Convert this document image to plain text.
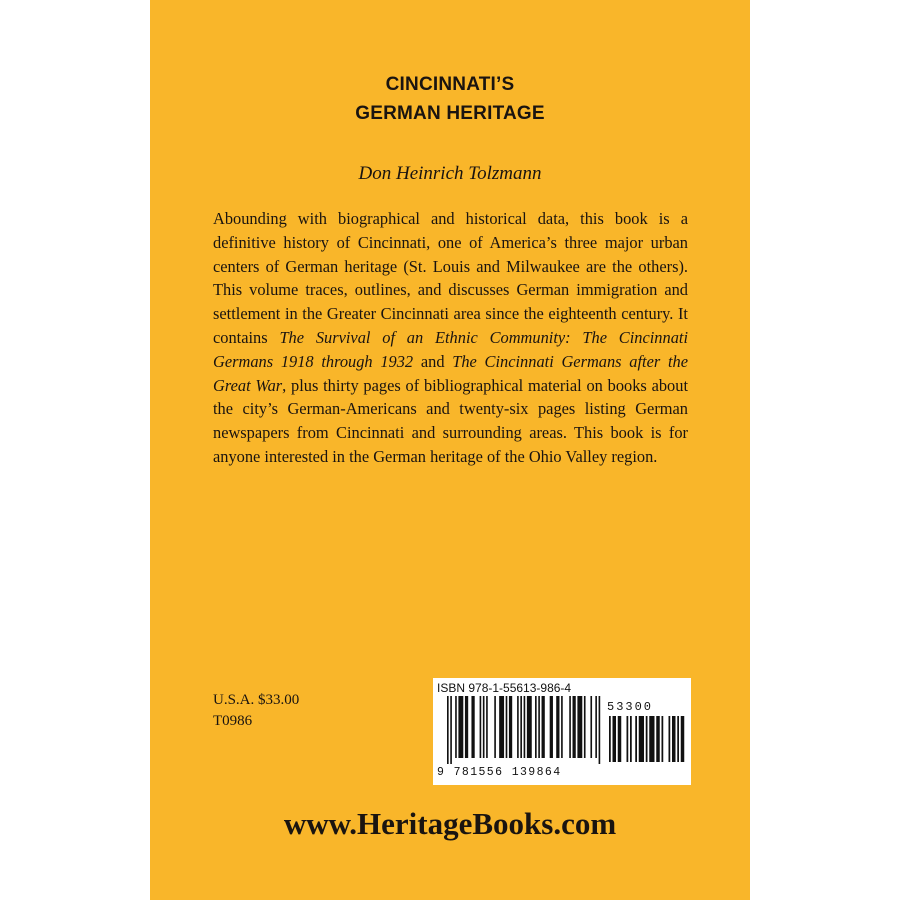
CINCINNATI’S
GERMAN HERITAGE
Don Heinrich Tolzmann
Abounding with biographical and historical data, this book is a definitive history of Cincinnati, one of America’s three major urban centers of German heritage (St. Louis and Milwaukee are the others). This volume traces, outlines, and discusses German immigration and settlement in the Greater Cincinnati area since the eighteenth century. It contains The Survival of an Ethnic Community: The Cincinnati Germans 1918 through 1932 and The Cincinnati Germans after the Great War, plus thirty pages of bibliographical material on books about the city’s German-Americans and twenty-six pages listing German newspapers from Cincinnati and surrounding areas. This book is for anyone interested in the German heritage of the Ohio Valley region.
U.S.A. $33.00
T0986
ISBN 978-1-55613-986-4
53300
9 781556 139864
www.HeritageBooks.com
